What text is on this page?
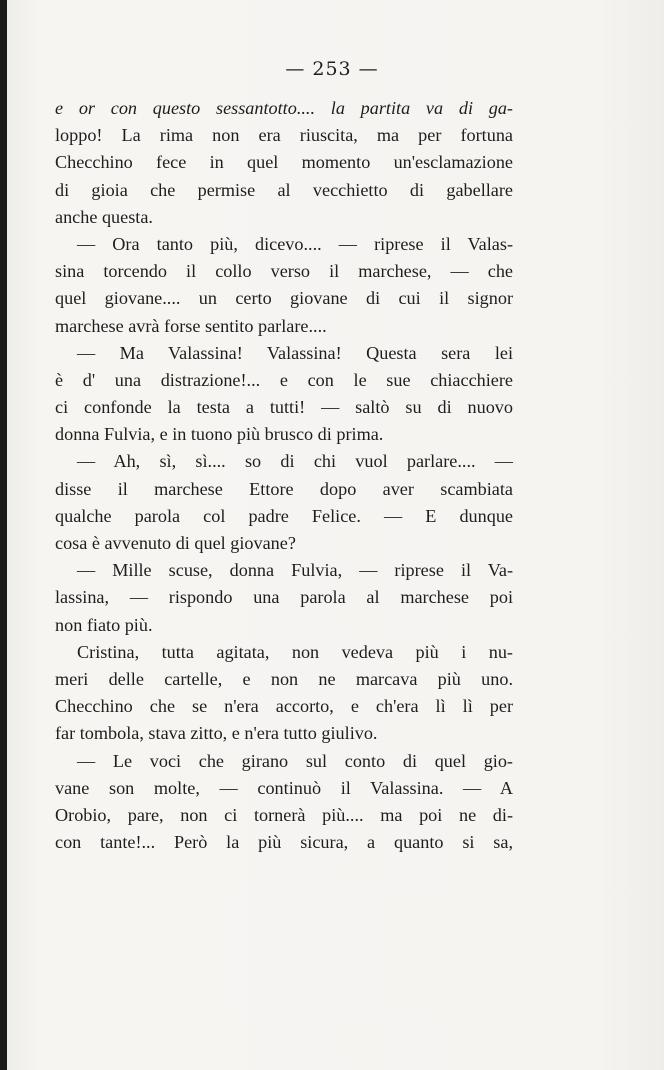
— 253 —
e or con questo sessantotto.... la partita va di ga-
loppo! La rima non era riuscita, ma per fortuna
Checchino fece in quel momento un'esclamazione
di gioia che permise al vecchietto di gabellare
anche questa.
— Ora tanto più, dicevo.... — riprese il Valas-
sina torcendo il collo verso il marchese, — che
quel giovane.... un certo giovane di cui il signor
marchese avrà forse sentito parlare....
— Ma Valassina! Valassina! Questa sera lei
è d' una distrazione!... e con le sue chiacchiere
ci confonde la testa a tutti! — saltò su di nuovo
donna Fulvia, e in tuono più brusco di prima.
— Ah, sì, sì.... so di chi vuol parlare.... —
disse il marchese Ettore dopo aver scambiata
qualche parola col padre Felice. — E dunque
cosa è avvenuto di quel giovane?
— Mille scuse, donna Fulvia, — riprese il Va-
lassina, — rispondo una parola al marchese poi
non fiato più.
Cristina, tutta agitata, non vedeva più i nu-
meri delle cartelle, e non ne marcava più uno.
Checchino che se n'era accorto, e ch'era lì lì per
far tombola, stava zitto, e n'era tutto giulivo.
— Le voci che girano sul conto di quel gio-
vane son molte, — continuò il Valassina. — A
Orobio, pare, non ci tornerà più.... ma poi ne di-
con tante!... Però la più sicura, a quanto si sa,
